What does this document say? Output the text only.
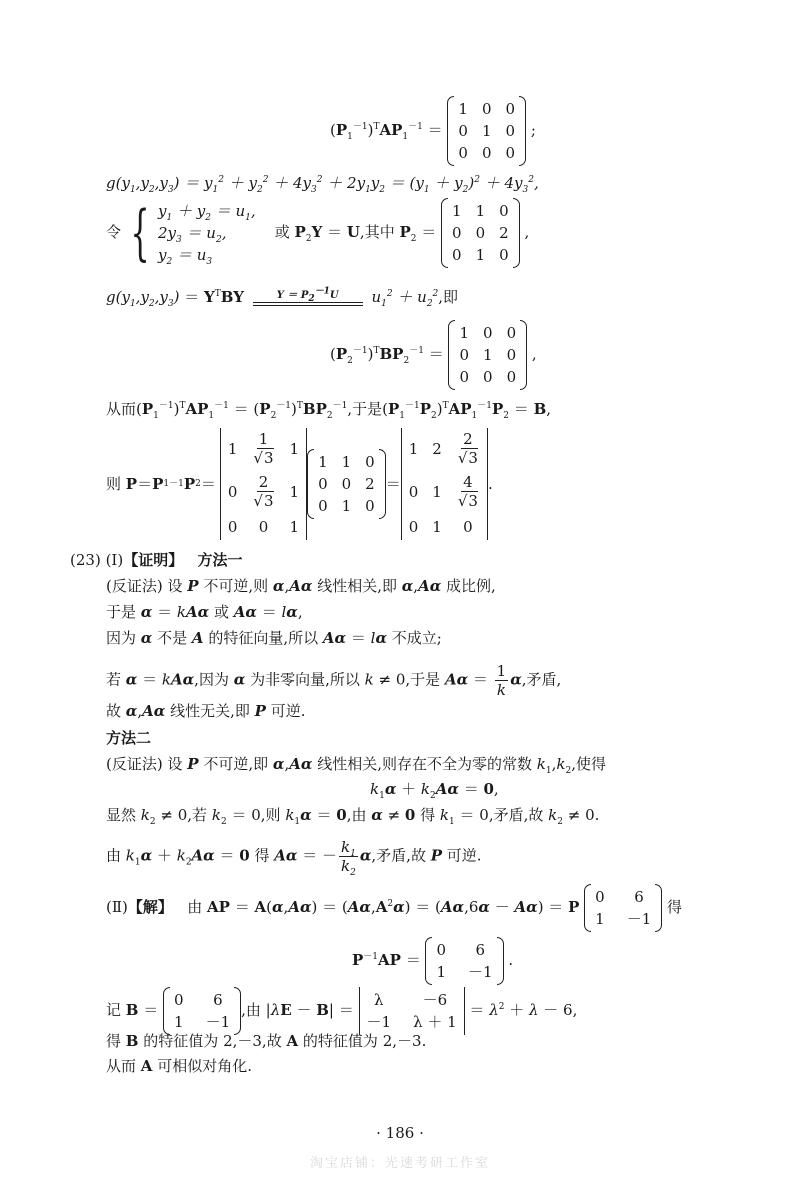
$(P_1^{-1})^TAP_1^{-1}$ ＝
1 0 0
0 1 0
0 0 0
;
$g(y_1,y_2,y_3) = y_1^2 + y_2^2 + 4y_3^2 + 2y_1y_2 = (y_1 + y_2)^2 + 4y_3^2$,
令 { $y_1 + y_2 = u_1$,
$2y_3 = u_2$,
$y_2 = u_3$
或 $P_2Y = U$,其中 $P_2$ ＝
1 1 0
0 0 2
0 1 0
,
$g(y_1,y_2,y_3) = Y^TBY$	$Y = P_2^{-1}U$ $u_1^2 + u_2^2$,即
$(P_2^{-1})^TBP_2^{-1}$ ＝
1 0 0
0 1 0
0 0 0
,
从而$(P_1^{-1})^TAP_1^{-1} = (P_2^{-1})^TBP_2^{-1}$,于是$(P_1^{-1}P_2)^TAP_1^{-1}P_2 = B$,
则
P ＝ P 1 －1 P 2 ＝
$1 \frac{1}{√3} 1$
$0 \frac{2}{√3} 1$
0	0	1
1 1 0
0 0 2
0 1 0
＝
1 $2 \frac{2}{√3}$
0 $1 \frac{4}{√3}$
0 1	0
.
(23) (Ⅰ)【证明】 方法一
(反证法) 设 P 不可逆,则 α,Aα 线性相关,即 α,Aα 成比例,
于是 α ＝ kAα 或 Aα ＝ lα,
因为 α 不是 A 的特征向量,所以 Aα ＝ lα 不成立;
若 α ＝ kAα,因为 α 为非零向量,所以 k ≠ 0,于是 $A\alpha = \frac{1}{k} \alpha$,矛盾,
故 α,Aα 线性无关,即 P 可逆.
方法二
(反证法) 设 P 不可逆,即 α,Aα 线性相关,则存在不全为零的常数 $k_1,k_2$,使得
$k_1\alpha + k_2A\alpha = 0$,
显然 $k_2 \ne 0$,若 $k_2 = 0$,则 $k_1\alpha = 0$,由 α ≠ 0 得 $k_1 = 0$,矛盾,故 $k_2 \ne 0$.
由 $k_1\alpha + k_2A\alpha = 0$ 得 Aα ＝ － $\frac{k_1}{k_2} \alpha$,矛盾,故 P 可逆.
(Ⅱ)【解】 由 AP ＝ $A(\alpha,A\alpha) = (A\alpha,A^2\alpha) = (A\alpha,6\alpha - A\alpha) = P$
0	6
1 －1
得
$P^{-1}AP$ ＝
0	6
1 －1
.
记 B ＝
0	6
1 －1
,由 |λE － B| ＝
λ	－6
－1 λ ＋ 1
＝ $\lambda^2 + \lambda - 6$,
得 B 的特征值为 2,－3,故 A 的特征值为 2,－3.
从而 A 可相似对角化.
· 186 ·
淘宝店铺：光速考研工作室
